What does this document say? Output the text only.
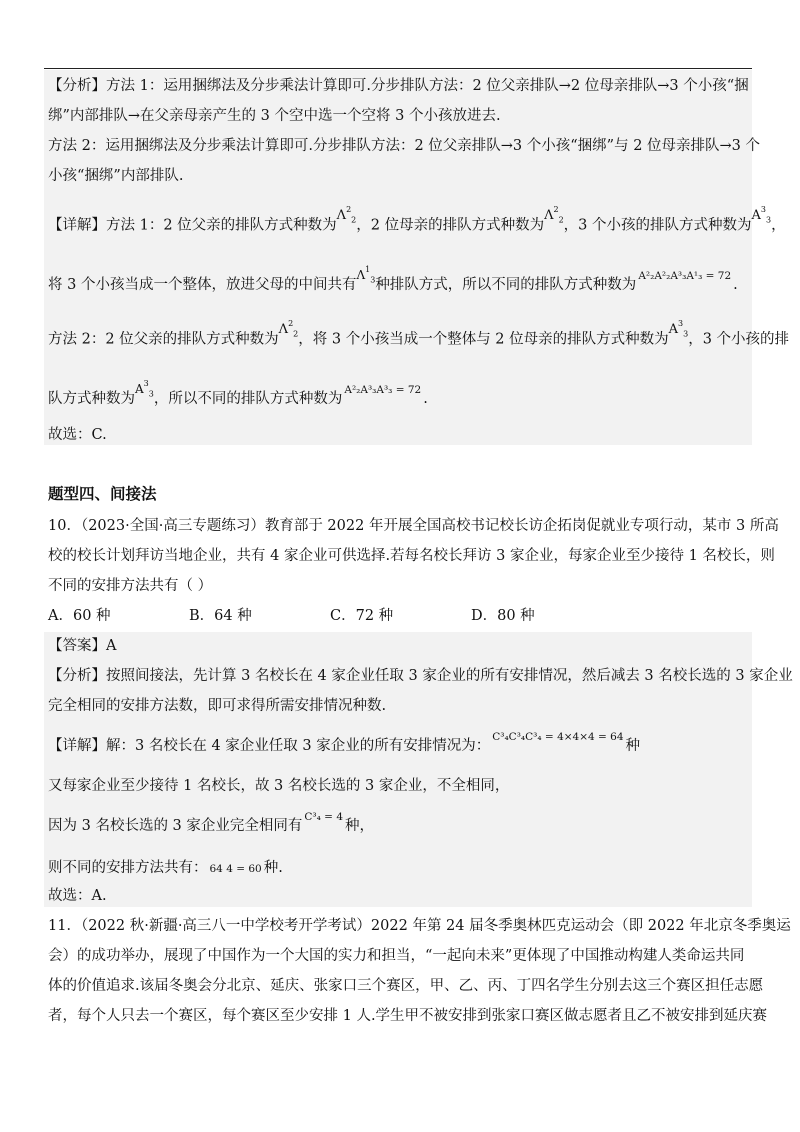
【分析】方法 1：运用捆绑法及分步乘法计算即可.分步排队方法：2 位父亲排队→2 位母亲排队→3 个小孩“捆
绑”内部排队→在父亲母亲产生的 3 个空中选一个空将 3 个小孩放进去.
方法 2：运用捆绑法及分步乘法计算即可.分步排队方法：2 位父亲排队→3 个小孩“捆绑”与 2 位母亲排队→3 个
小孩“捆绑”内部排队.
【详解】方法 1：2 位父亲的排队方式种数为$\Lambda^2_2$，2 位母亲的排队方式种数为$\Lambda^2_2$，3 个小孩的排队方式种数为$A^3_3$，
将 3 个小孩当成一个整体，放进父母的中间共有$^{\Lambda^1_3}$种排队方式，所以不同的排队方式种数为$^{A^2_2A^2_2A^3_3A^1_3 = 72}$.
方法 2：2 位父亲的排队方式种数为$\Lambda^2_2$，将 3 个小孩当成一个整体与 2 位母亲的排队方式种数为$A^3_3$，3 个小孩的排
队方式种数为$^{A^3_3}$，所以不同的排队方式种数为$^{A^2_2A^3_3A^3_3 = 72}$.
故选：C.
题型四、间接法
10．（2023·全国·高三专题练习）教育部于 2022 年开展全国高校书记校长访企拓岗促就业专项行动，某市 3 所高
校的校长计划拜访当地企业，共有 4 家企业可供选择.若每名校长拜访 3 家企业，每家企业至少接待 1 名校长，则
不同的安排方法共有（ ）
A．60 种	B．64 种	C．72 种	D．80 种
【答案】A
【分析】按照间接法，先计算 3 名校长在 4 家企业任取 3 家企业的所有安排情况，然后减去 3 名校长选的 3 家企业
完全相同的安排方法数，即可求得所需安排情况种数.
【详解】解：3 名校长在 4 家企业任取 3 家企业的所有安排情况为：$^{C^3_4C^3_4C^3_4 = 4\times 4\times 4 = 64}$种
又每家企业至少接待 1 名校长，故 3 名校长选的 3 家企业，不全相同，
因为 3 名校长选的 3 家企业完全相同有$^{C^3_4 = 4}$种，
则不同的安排方法共有： 64 4 = 60 种.
故选：A.
11．（2022 秋·新疆·高三八一中学校考开学考试）2022 年第 24 届冬季奥林匹克运动会（即 2022 年北京冬季奥运
会）的成功举办，展现了中国作为一个大国的实力和担当，“一起向未来”更体现了中国推动构建人类命运共同
体的价值追求.该届冬奥会分北京、延庆、张家口三个赛区，甲、乙、丙、丁四名学生分别去这三个赛区担任志愿
者，每个人只去一个赛区，每个赛区至少安排 1 人.学生甲不被安排到张家口赛区做志愿者且乙不被安排到延庆赛
